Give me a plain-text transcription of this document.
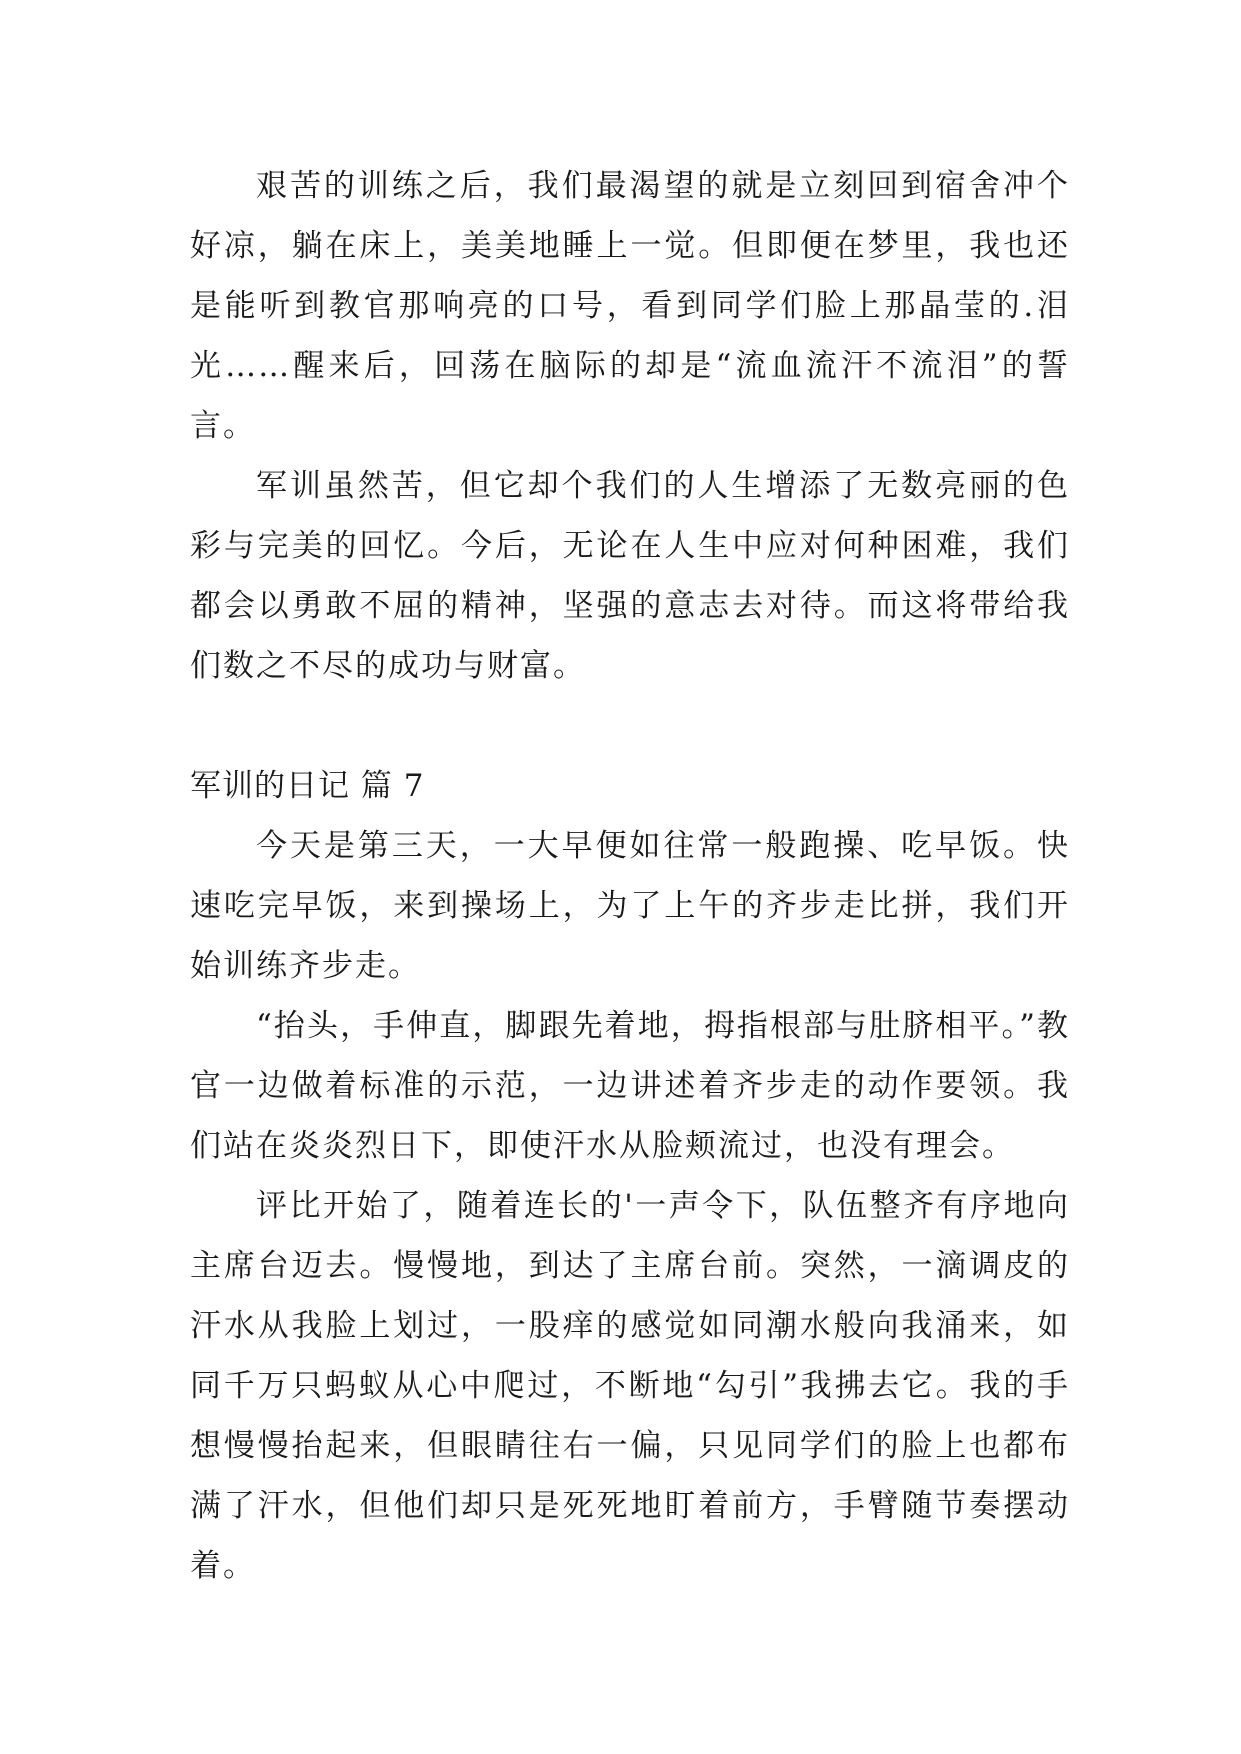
艰苦的训练之后，我们最渴望的就是立刻回到宿舍冲个好凉，躺在床上，美美地睡上一觉。但即便在梦里，我也还是能听到教官那响亮的口号，看到同学们脸上那晶莹的.泪光……醒来后，回荡在脑际的却是“流血流汗不流泪”的誓言。

军训虽然苦，但它却个我们的人生增添了无数亮丽的色彩与完美的回忆。今后，无论在人生中应对何种困难，我们都会以勇敢不屈的精神，坚强的意志去对待。而这将带给我们数之不尽的成功与财富。

军训的日记 篇 7

今天是第三天，一大早便如往常一般跑操、吃早饭。快速吃完早饭，来到操场上，为了上午的齐步走比拼，我们开始训练齐步走。

“抬头，手伸直，脚跟先着地，拇指根部与肚脐相平。”教官一边做着标准的示范，一边讲述着齐步走的动作要领。我们站在炎炎烈日下，即使汗水从脸颊流过，也没有理会。

评比开始了，随着连长的'一声令下，队伍整齐有序地向主席台迈去。慢慢地，到达了主席台前。突然，一滴调皮的汗水从我脸上划过，一股痒的感觉如同潮水般向我涌来，如同千万只蚂蚁从心中爬过，不断地“勾引”我拂去它。我的手想慢慢抬起来，但眼睛往右一偏，只见同学们的脸上也都布满了汗水，但他们却只是死死地盯着前方，手臂随节奏摆动着。
